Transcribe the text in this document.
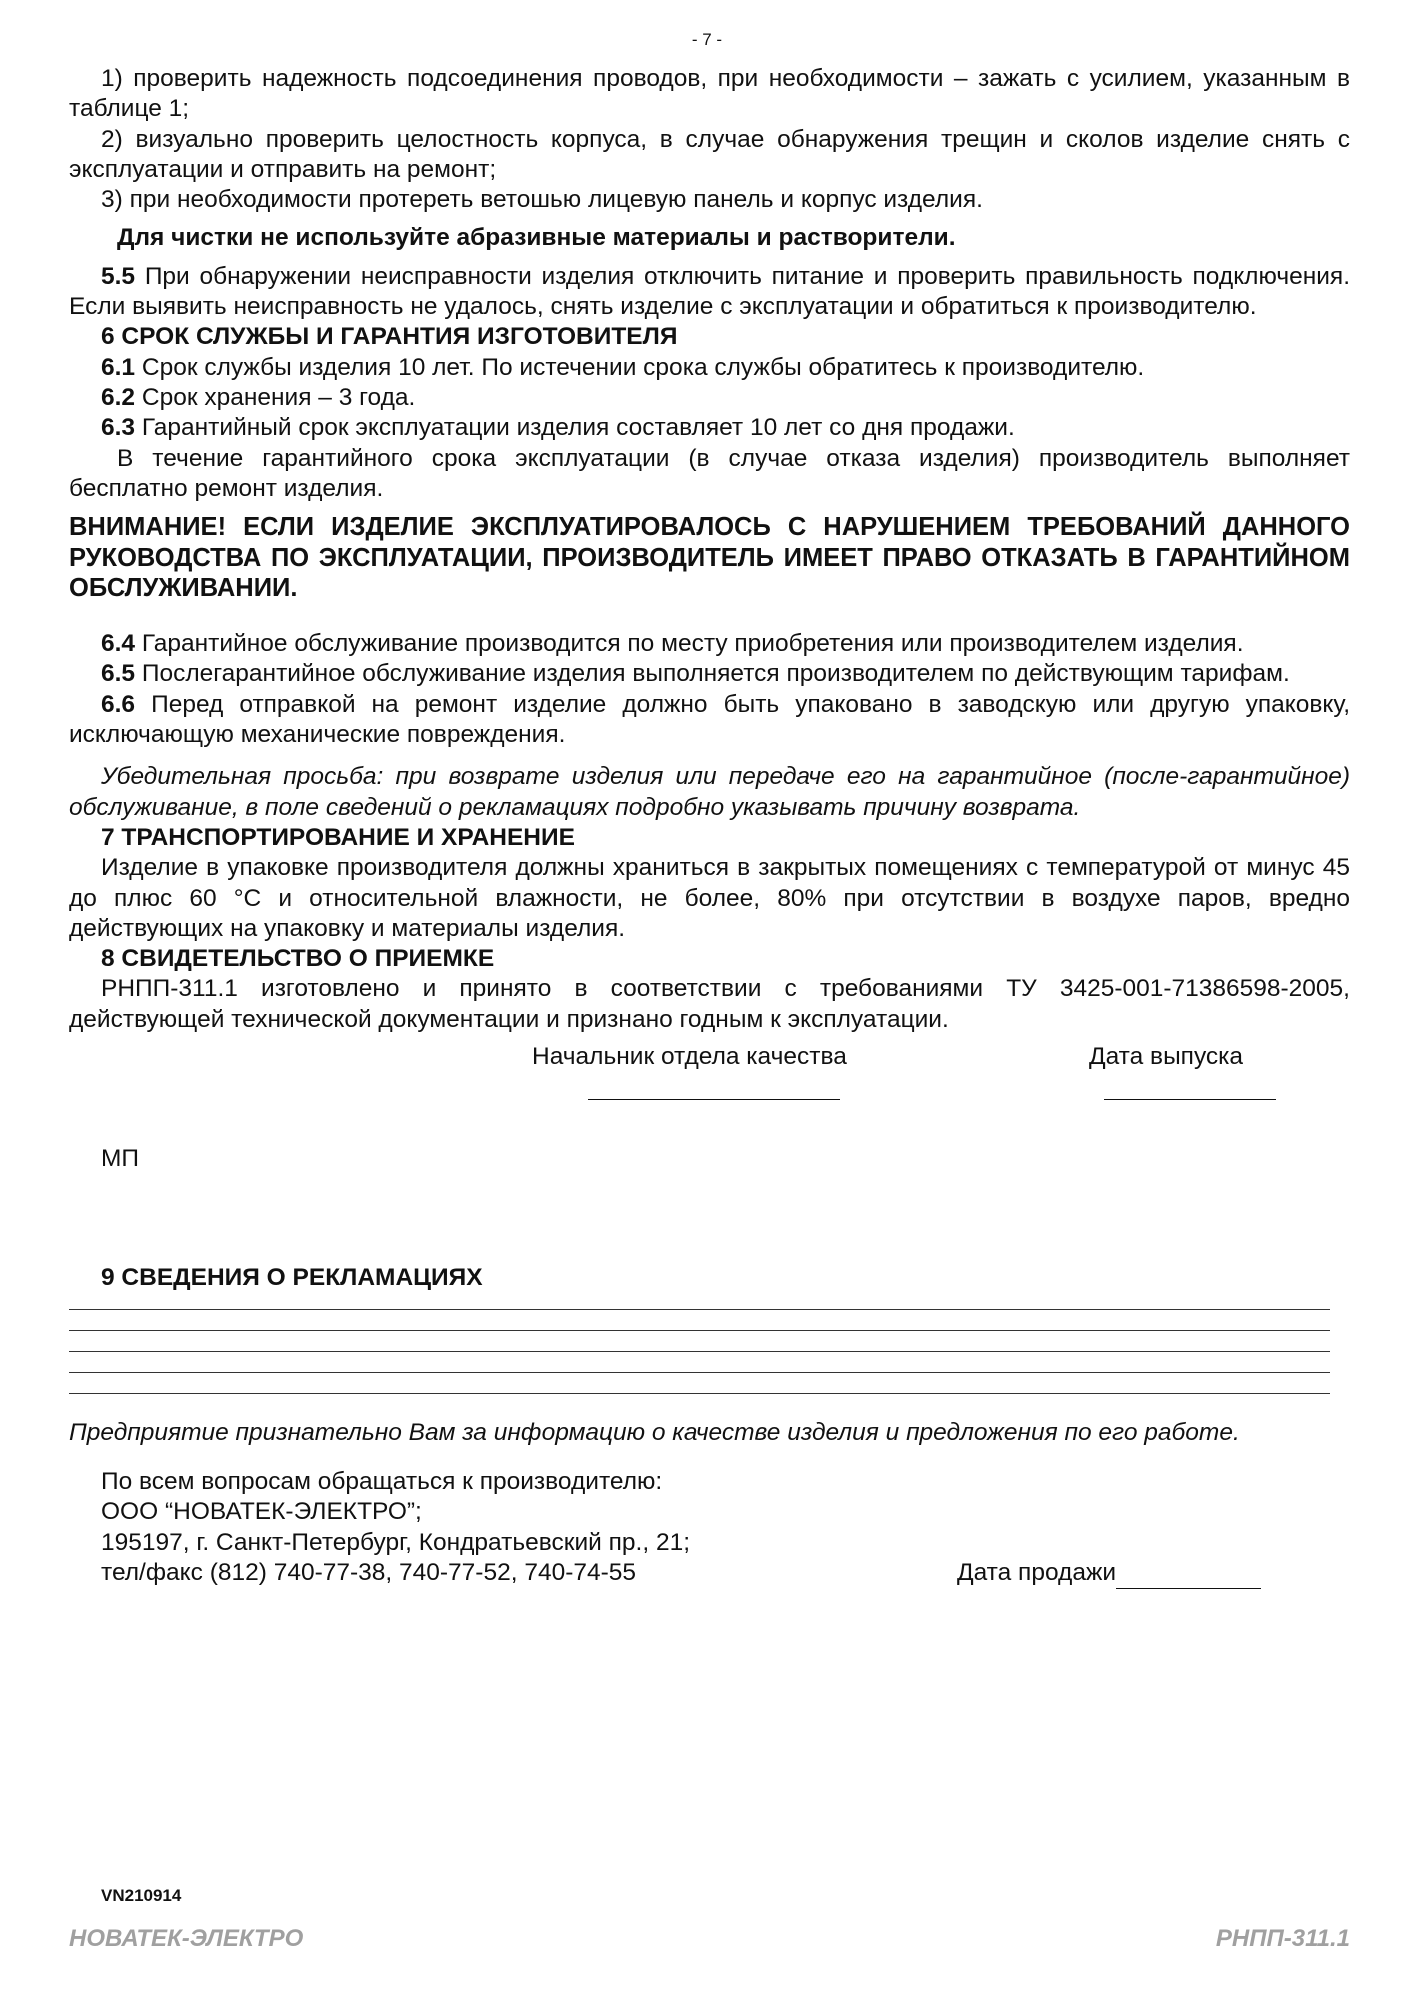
- 7 -

1) проверить надежность подсоединения проводов, при необходимости – зажать с усилием, указанным в таблице 1;

2) визуально проверить целостность корпуса, в случае обнаружения трещин и сколов изделие снять с эксплуатации и отправить на ремонт;

3) при необходимости протереть ветошью лицевую панель и корпус изделия.

Для чистки не используйте абразивные материалы и растворители.

5.5 При обнаружении неисправности изделия отключить питание и проверить правильность подключения. Если выявить неисправность не удалось, снять изделие с эксплуатации и обратиться к производителю.

6 СРОК СЛУЖБЫ И ГАРАНТИЯ ИЗГОТОВИТЕЛЯ

6.1 Срок службы изделия 10 лет. По истечении срока службы обратитесь к производителю.

6.2 Срок хранения – 3 года.

6.3 Гарантийный срок эксплуатации изделия составляет 10 лет со дня продажи.

В течение гарантийного срока эксплуатации (в случае отказа изделия) производитель выполняет бесплатно ремонт изделия.

ВНИМАНИЕ! ЕСЛИ ИЗДЕЛИЕ ЭКСПЛУАТИРОВАЛОСЬ С НАРУШЕНИЕМ ТРЕБОВАНИЙ ДАННОГО РУКОВОДСТВА ПО ЭКСПЛУАТАЦИИ, ПРОИЗВОДИТЕЛЬ ИМЕЕТ ПРАВО ОТКАЗАТЬ В ГАРАНТИЙНОМ ОБСЛУЖИВАНИИ.

6.4 Гарантийное обслуживание производится по месту приобретения или производителем изделия.

6.5 Послегарантийное обслуживание изделия выполняется производителем по действующим тарифам.

6.6 Перед отправкой на ремонт изделие должно быть упаковано в заводскую или другую упаковку, исключающую механические повреждения.

Убедительная просьба: при возврате изделия или передаче его на гарантийное (после-гарантийное) обслуживание, в поле сведений о рекламациях подробно указывать причину возврата.

7 ТРАНСПОРТИРОВАНИЕ И ХРАНЕНИЕ

Изделие в упаковке производителя должны храниться в закрытых помещениях с температурой от минус 45 до плюс 60 °С и относительной влажности, не более, 80% при отсутствии в воздухе паров, вредно действующих на упаковку и материалы изделия.

8 СВИДЕТЕЛЬСТВО О ПРИЕМКЕ

РНПП-311.1 изготовлено и принято в соответствии с требованиями ТУ 3425-001-71386598-2005, действующей технической документации и признано годным к эксплуатации.

Начальник отдела качества	Дата выпуска
МП

9 СВЕДЕНИЯ О РЕКЛАМАЦИЯХ

Предприятие признательно Вам за информацию о качестве изделия и предложения по его работе.

По всем вопросам обращаться к производителю:
ООО “НОВАТЕК-ЭЛЕКТРО”;
195197, г. Санкт-Петербург, Кондратьевский пр., 21;
тел/факс (812) 740-77-38, 740-77-52, 740-74-55	Дата продажи
VN210914
НОВАТЕК-ЭЛЕКТРО	РНПП-311.1
